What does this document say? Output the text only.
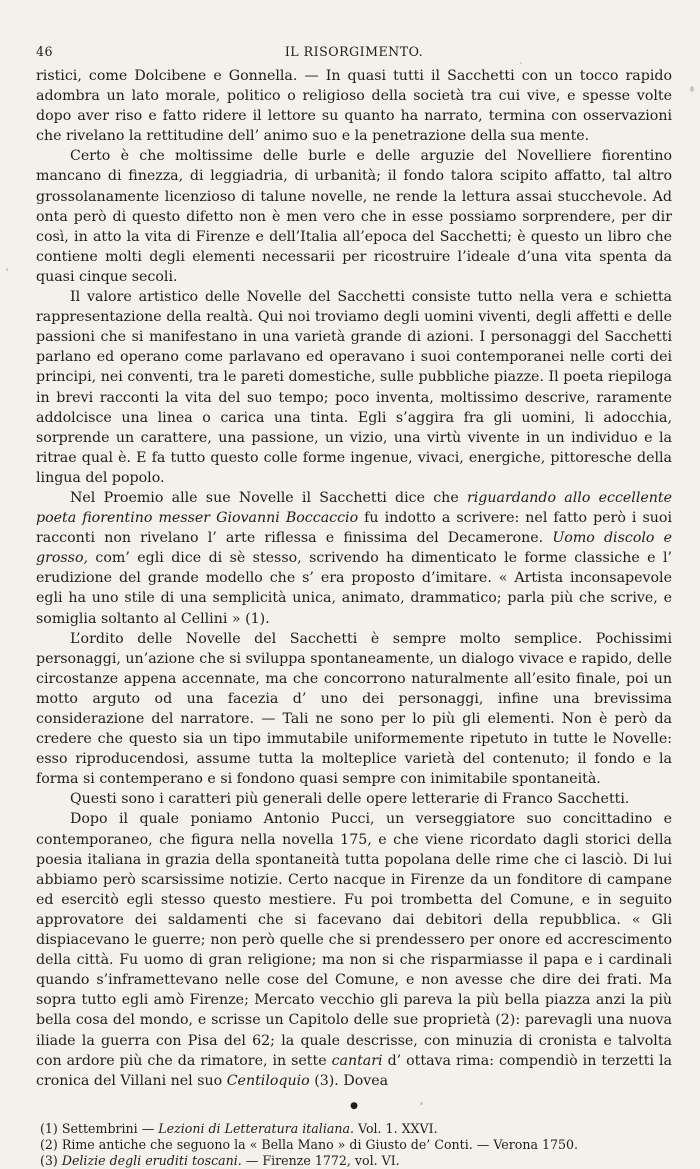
46	IL RISORGIMENTO.

ristici, come Dolcibene e Gonnella. — In quasi tutti il Sacchetti con un tocco rapido adombra un lato morale, politico o religioso della società tra cui vive, e spesse volte dopo aver riso e fatto ridere il lettore su quanto ha narrato, termina con osservazioni che rivelano la rettitudine dell’ animo suo e la penetrazione della sua mente.

Certo è che moltissime delle burle e delle arguzie del Novelliere fiorentino mancano di finezza, di leggiadria, di urbanità; il fondo talora scipito affatto, tal altro grossolanamente licenzioso di talune novelle, ne rende la lettura assai stucchevole. Ad onta però di questo difetto non è men vero che in esse possiamo sorprendere, per dir così, in atto la vita di Firenze e dell’Italia all’epoca del Sacchetti; è questo un libro che contiene molti degli elementi necessarii per ricostruire l’ideale d’una vita spenta da quasi cinque secoli.

Il valore artistico delle Novelle del Sacchetti consiste tutto nella vera e schietta rappresentazione della realtà. Qui noi troviamo degli uomini viventi, degli affetti e delle passioni che si manifestano in una varietà grande di azioni. I personaggi del Sacchetti parlano ed operano come parlavano ed operavano i suoi contemporanei nelle corti dei principi, nei conventi, tra le pareti domestiche, sulle pubbliche piazze. Il poeta riepiloga in brevi racconti la vita del suo tempo; poco inventa, moltissimo descrive, raramente addolcisce una linea o carica una tinta. Egli s’aggira fra gli uomini, li adocchia, sorprende un carattere, una passione, un vizio, una virtù vivente in un individuo e la ritrae qual è. E fa tutto questo colle forme ingenue, vivaci, energiche, pittoresche della lingua del popolo.

Nel Proemio alle sue Novelle il Sacchetti dice che riguardando allo eccellente poeta fiorentino messer Giovanni Boccaccio fu indotto a scrivere: nel fatto però i suoi racconti non rivelano l’ arte riflessa e finissima del Decamerone. Uomo discolo e grosso, com’ egli dice di sè stesso, scrivendo ha dimenticato le forme classiche e l’ erudizione del grande modello che s’ era proposto d’imitare. « Artista inconsapevole egli ha uno stile di una semplicità unica, animato, drammatico; parla più che scrive, e somiglia soltanto al Cellini » (1).

L’ordito delle Novelle del Sacchetti è sempre molto semplice. Pochissimi personaggi, un’azione che si sviluppa spontaneamente, un dialogo vivace e rapido, delle circostanze appena accennate, ma che concorrono naturalmente all’esito finale, poi un motto arguto od una facezia d’ uno dei personaggi, infine una brevissima considerazione del narratore. — Tali ne sono per lo più gli elementi. Non è però da credere che questo sia un tipo immutabile uniformemente ripetuto in tutte le Novelle: esso riproducendosi, assume tutta la molteplice varietà del contenuto; il fondo e la forma si contemperano e si fondono quasi sempre con inimitabile spontaneità.

Questi sono i caratteri più generali delle opere letterarie di Franco Sacchetti.

Dopo il quale poniamo Antonio Pucci, un verseggiatore suo concittadino e contemporaneo, che figura nella novella 175, e che viene ricordato dagli storici della poesia italiana in grazia della spontaneità tutta popolana delle rime che ci lasciò. Di lui abbiamo però scarsissime notizie. Certo nacque in Firenze da un fonditore di campane ed esercitò egli stesso questo mestiere. Fu poi trombetta del Comune, e in seguito approvatore dei saldamenti che si facevano dai debitori della repubblica. « Gli dispiacevano le guerre; non però quelle che si prendessero per onore ed accrescimento della città. Fu uomo di gran religione; ma non si che risparmiasse il papa e i cardinali quando s’inframettevano nelle cose del Comune, e non avesse che dire dei frati. Ma sopra tutto egli amò Firenze; Mercato vecchio gli pareva la più bella piazza anzi la più bella cosa del mondo, e scrisse un Capitolo delle sue proprietà (2): parevagli una nuova iliade la guerra con Pisa del 62; la quale descrisse, con minuzia di cronista e talvolta con ardore più che da rimatore, in sette cantari d’ ottava rima: compendiò in terzetti la cronica del Villani nel suo Centiloquio (3). Dovea

●

(1) Settembrini — Lezioni di Letteratura italiana. Vol. 1. XXVI.

(2) Rime antiche che seguono la « Bella Mano » di Giusto de’ Conti. — Verona 1750.

(3) Delizie degli eruditi toscani. — Firenze 1772, vol. VI.
